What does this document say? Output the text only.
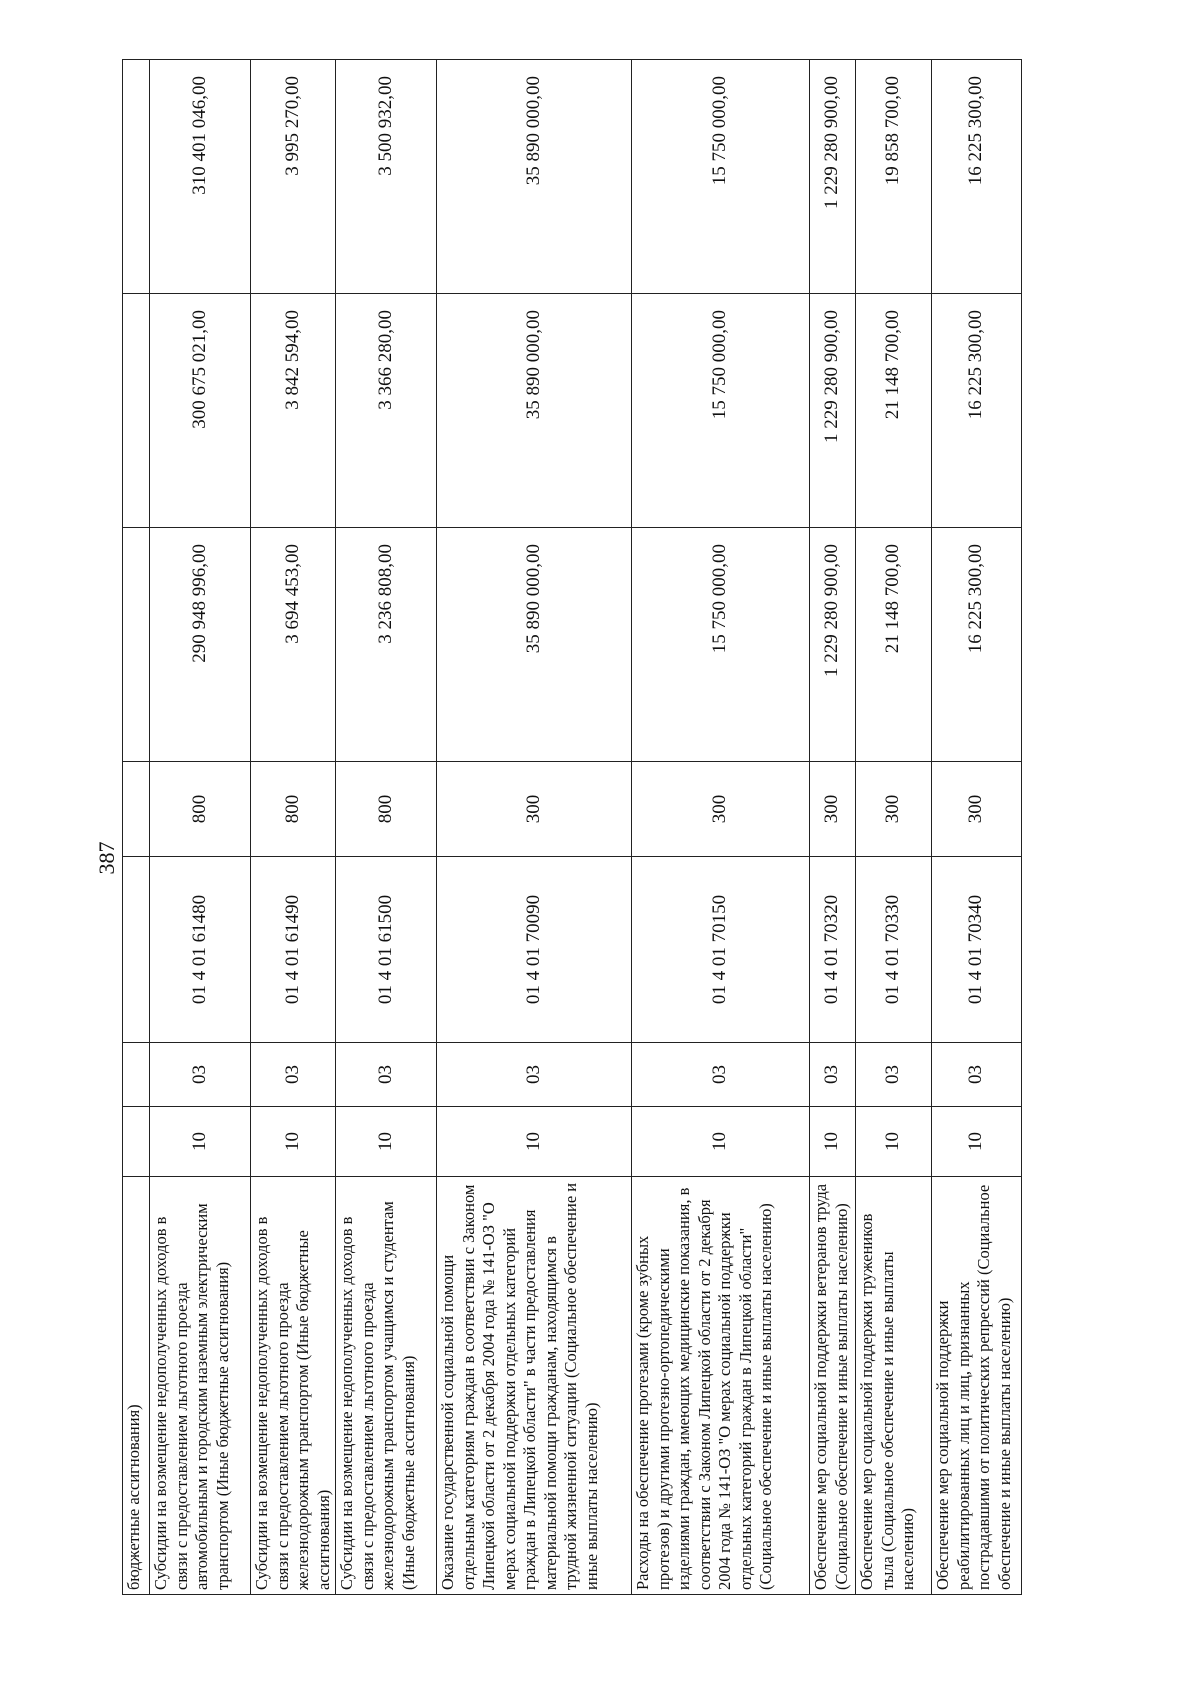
387
бюджетные ассигнования)							
Субсидии на возмещение недополученных доходов в связи с предоставлением льготного проезда автомобильным и городским наземным электрическим транспортом (Иные бюджетные ассигнования)	10	03	01 4 01 61480	800	290 948 996,00	300 675 021,00	310 401 046,00
Субсидии на возмещение недополученных доходов в связи с предоставлением льготного проезда железнодорожным транспортом (Иные бюджетные ассигнования)	10	03	01 4 01 61490	800	3 694 453,00	3 842 594,00	3 995 270,00
Субсидии на возмещение недополученных доходов в связи с предоставлением льготного проезда железнодорожным транспортом учащимся и студентам (Иные бюджетные ассигнования)	10	03	01 4 01 61500	800	3 236 808,00	3 366 280,00	3 500 932,00
Оказание государственной социальной помощи отдельным категориям граждан в соответствии с Законом Липецкой области от 2 декабря 2004 года № 141-ОЗ "О мерах социальной поддержки отдельных категорий граждан в Липецкой области" в части предоставления материальной помощи гражданам, находящимся в трудной жизненной ситуации (Социальное обеспечение и иные выплаты населению)	10	03	01 4 01 70090	300	35 890 000,00	35 890 000,00	35 890 000,00
Расходы на обеспечение протезами (кроме зубных протезов) и другими протезно-ортопедическими изделиями граждан, имеющих медицинские показания, в соответствии с Законом Липецкой области от 2 декабря 2004 года № 141-ОЗ "О мерах социальной поддержки отдельных категорий граждан в Липецкой области" (Социальное обеспечение и иные выплаты населению)	10	03	01 4 01 70150	300	15 750 000,00	15 750 000,00	15 750 000,00
Обеспечение мер социальной поддержки ветеранов труда (Социальное обеспечение и иные выплаты населению)	10	03	01 4 01 70320	300	1 229 280 900,00	1 229 280 900,00	1 229 280 900,00
Обеспечение мер социальной поддержки тружеников тыла (Социальное обеспечение и иные выплаты населению)	10	03	01 4 01 70330	300	21 148 700,00	21 148 700,00	19 858 700,00
Обеспечение мер социальной поддержки реабилитированных лиц и лиц, признанных пострадавшими от политических репрессий (Социальное обеспечение и иные выплаты населению)	10	03	01 4 01 70340	300	16 225 300,00	16 225 300,00	16 225 300,00
